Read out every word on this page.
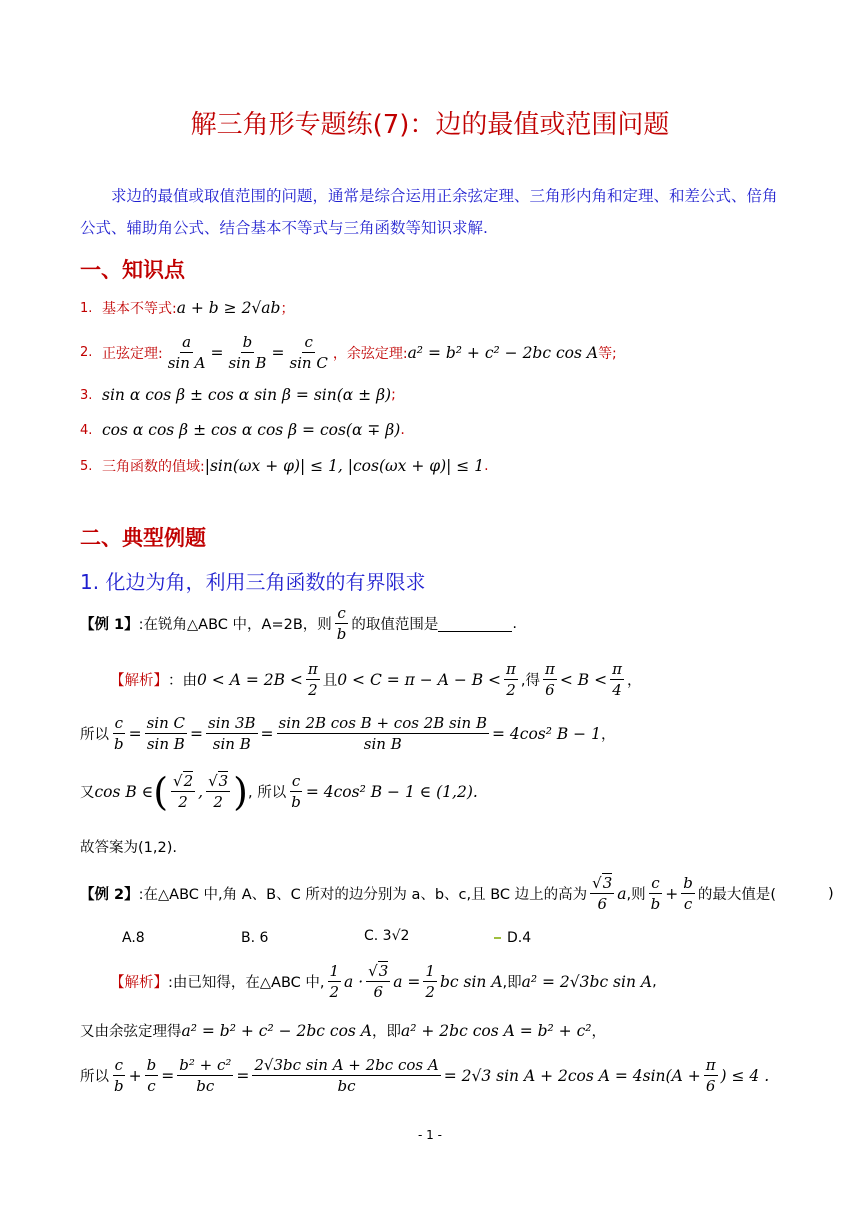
解三角形专题练(7)：边的最值或范围问题
求边的最值或取值范围的问题，通常是综合运用正余弦定理、三角形内角和定理、和差公式、倍角公式、辅助角公式、结合基本不等式与三角函数等知识求解.
一、知识点
1. 基本不等式: a + b ≥ 2√ab ；
2. 正弦定理: $\frac{a}{\text{sin A}} = \frac{b}{\text{sin B}} = \frac{c}{\text{sin C}}$ ，余弦定理: a² = b² + c² − 2bc cos A 等;
3. sin α cos β ± cos α sin β = sin(α ± β) ;
4. cos α cos β ± cos α cos β = cos(α ∓ β) .
5. 三角函数的值域: |sin(ωx + φ)| ≤ 1, |cos(ωx + φ)| ≤ 1 .
二、典型例题
1. 化边为角，利用三角函数的有界限求
【例 1】 :在锐角△ABC 中，A=2B，则 $\frac{c}{b}$ 的取值范围是	.
【解析】 ：由 $0 < A = 2B < \frac{\pi}{2}$ 且 $0 < C = \pi - A - B < \frac{\pi}{2}$ ,得 $\frac{\pi}{6} < B < \frac{\pi}{4}$ ，
所以 $\frac{c}{b} = \frac{\text{sin C}}{\text{sin B}} = \frac{\sin 3B}{\text{sin B}} = \frac{\text{sin 2B cos B + cos 2B sin B}}{\text{sin B}} = 4\cos^2$ B − 1 ，
又 cos B ∈ ( $\frac{√2}{2}$ , $\frac{√3}{2}$ ) , 所以 $\frac{c}{b} = 4\cos^2$ B − 1 ∈ (1,2).
故答案为(1,2).
【例 2】 :在△ABC 中,角 A、B、C 所对的边分别为 a、b、c,且 BC 边上的高为 $\frac{√3}{6}$ a ,则 $\frac{c}{b} + \frac{b}{c}$ 的最大值是(	)
A.8	B. 6	C. 3√2	D.4
【解析】 :由已知得，在△ABC 中, $\frac{1}{2}$ $a \cdot \frac{√3}{6}$ $a = \frac{1}{2}$ bc sin A ,即 a² = 2√3bc sin A ,
又由余弦定理得 a² = b² + c² − 2bc cos A ，即 a² + 2bc cos A = b² + c² ，
所以 $\frac{c}{b} + \frac{b}{c} = \frac{\text{b² + c²}}{bc} = \frac{\text{2√3bc sin A + 2bc cos A}}{bc} = 2√3$ sin A + 2cos $A = 4\sin(A + \frac{\pi}{6}$ ) ≤ 4 .
- 1 -
